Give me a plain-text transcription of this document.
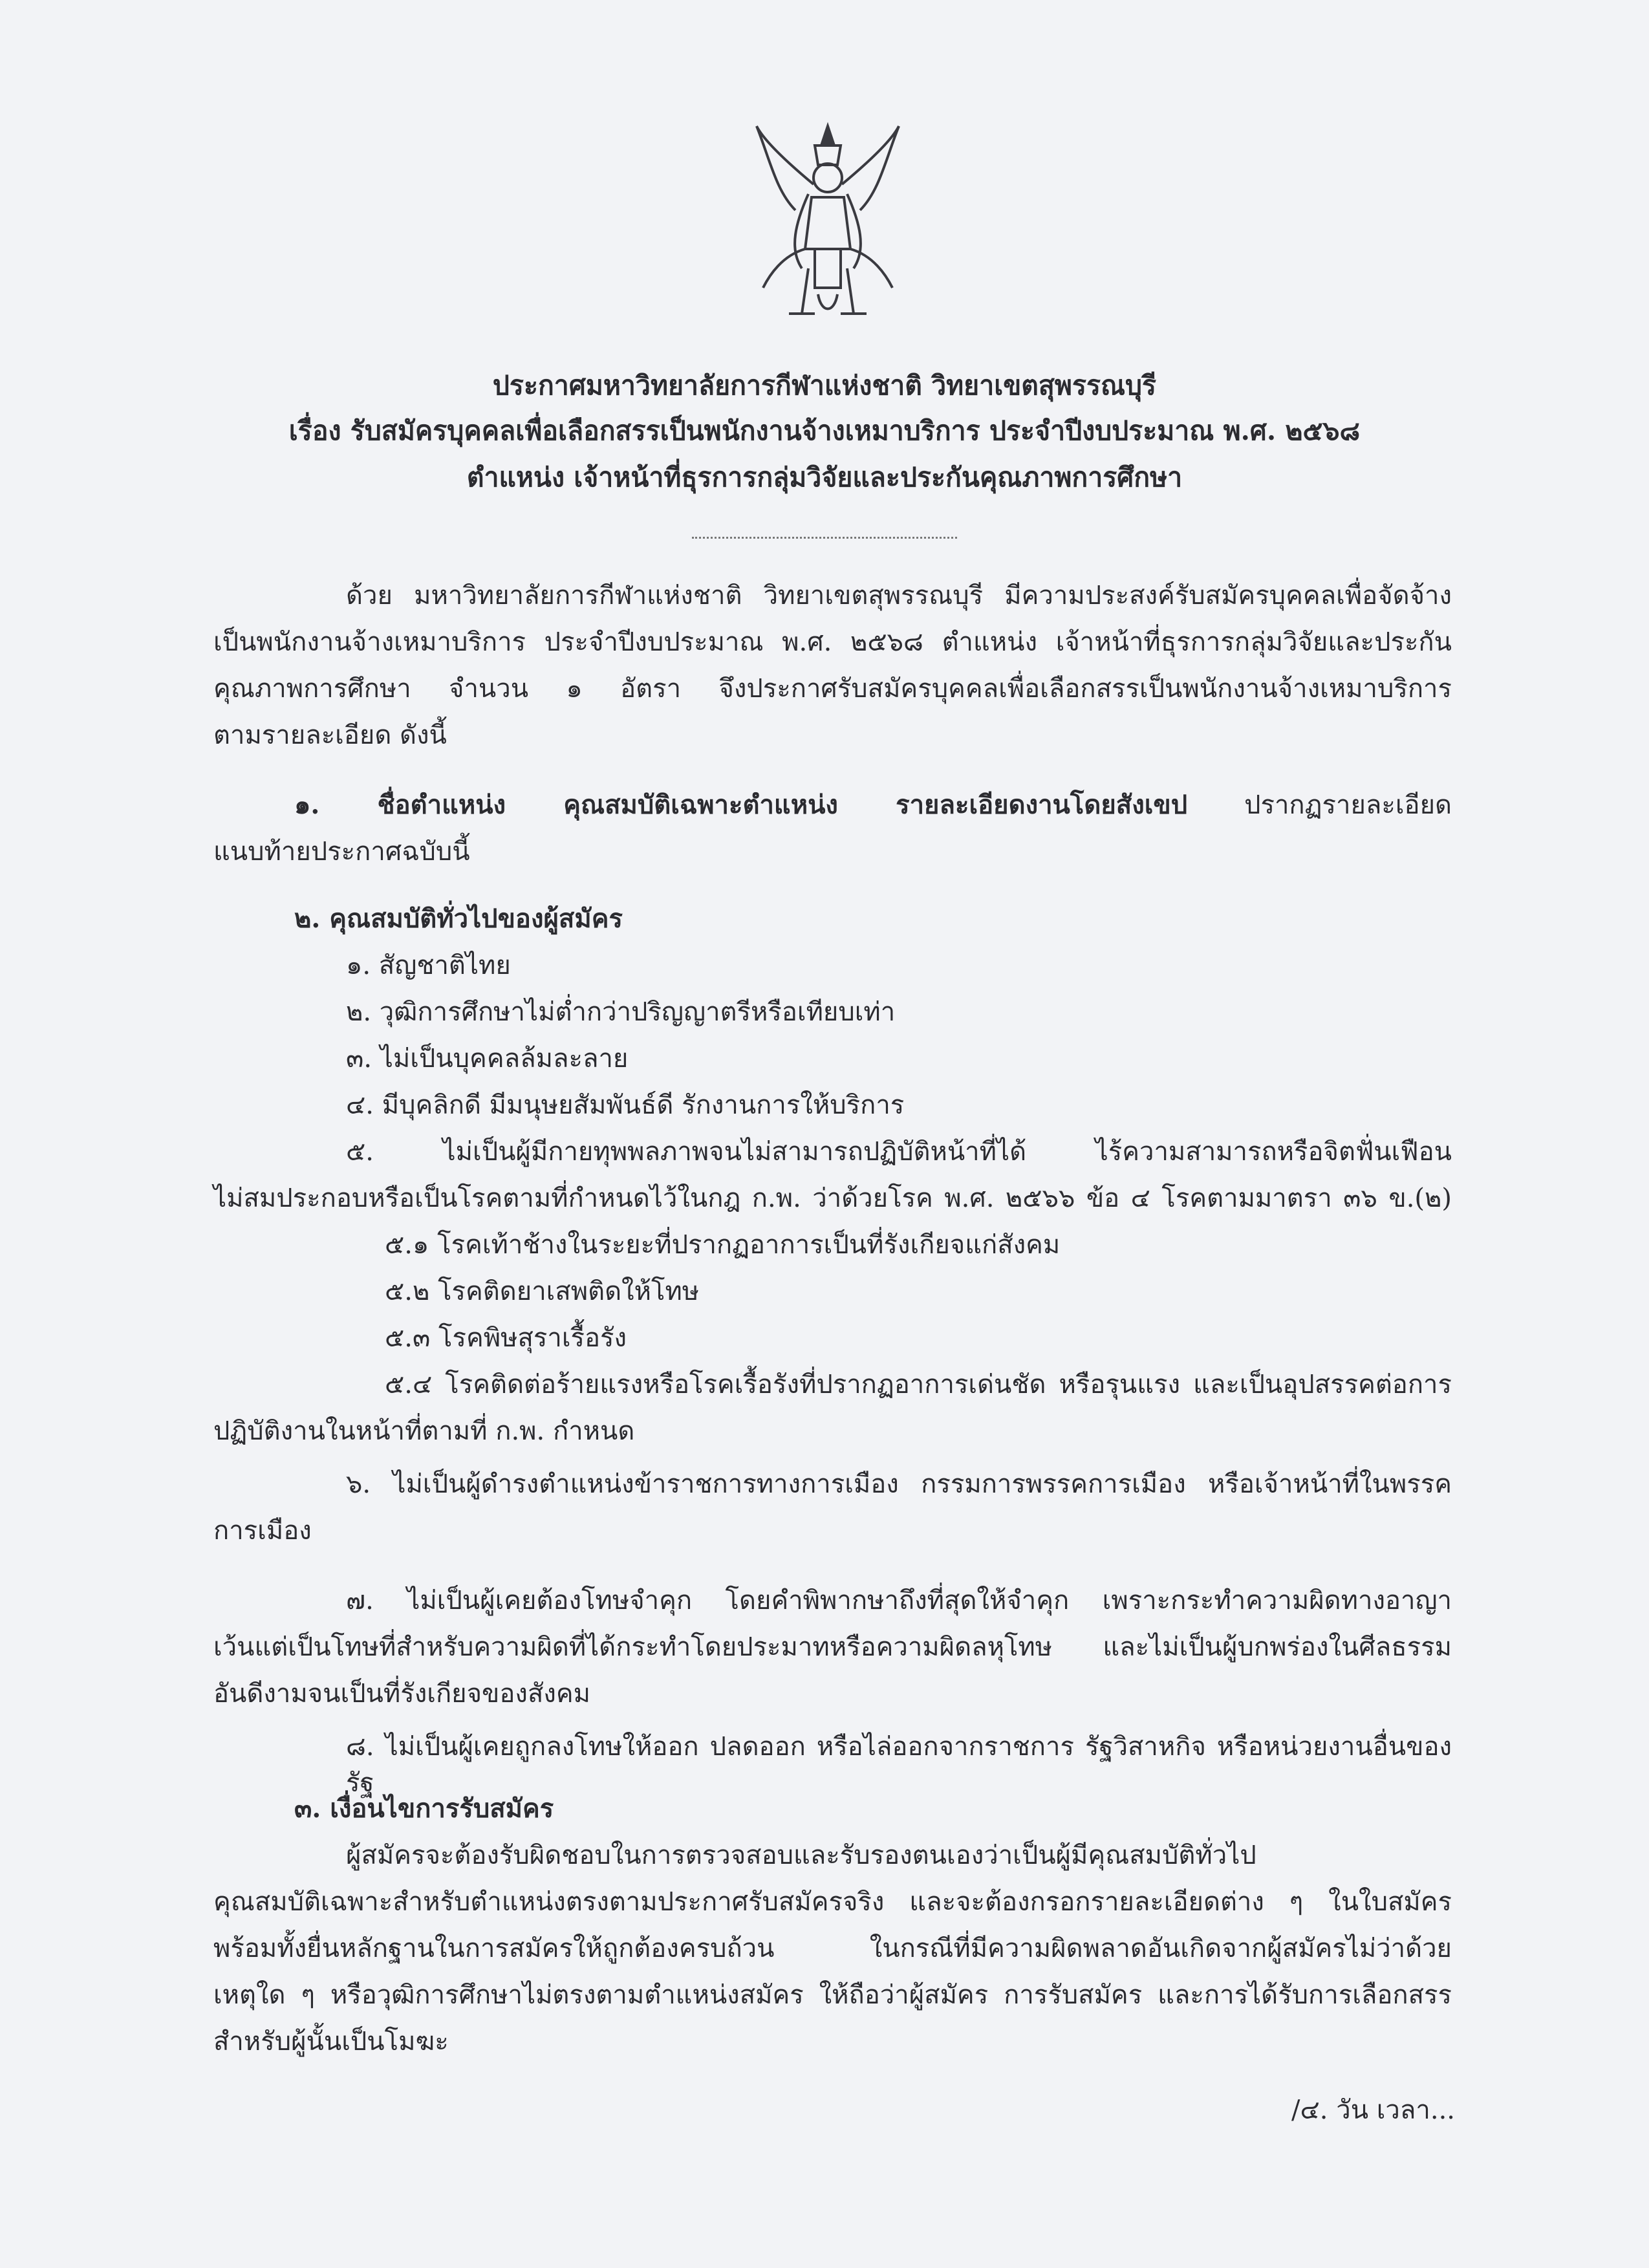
ประกาศมหาวิทยาลัยการกีฬาแห่งชาติ วิทยาเขตสุพรรณบุรี
เรื่อง รับสมัครบุคคลเพื่อเลือกสรรเป็นพนักงานจ้างเหมาบริการ ประจำปีงบประมาณ พ.ศ. ๒๕๖๘
ตำแหน่ง เจ้าหน้าที่ธุรการกลุ่มวิจัยและประกันคุณภาพการศึกษา
ด้วย มหาวิทยาลัยการกีฬาแห่งชาติ วิทยาเขตสุพรรณบุรี มีความประสงค์รับสมัครบุคคลเพื่อจัดจ้าง
เป็นพนักงานจ้างเหมาบริการ ประจำปีงบประมาณ พ.ศ. ๒๕๖๘ ตำแหน่ง เจ้าหน้าที่ธุรการกลุ่มวิจัยและประกัน
คุณภาพการศึกษา จำนวน ๑ อัตรา จึงประกาศรับสมัครบุคคลเพื่อเลือกสรรเป็นพนักงานจ้างเหมาบริการ
ตามรายละเอียด ดังนี้
๑. ชื่อตำแหน่ง คุณสมบัติเฉพาะตำแหน่ง รายละเอียดงานโดยสังเขป ปรากฏรายละเอียด
แนบท้ายประกาศฉบับนี้
๒. คุณสมบัติทั่วไปของผู้สมัคร
๑. สัญชาติไทย
๒. วุฒิการศึกษาไม่ต่ำกว่าปริญญาตรีหรือเทียบเท่า
๓. ไม่เป็นบุคคลล้มละลาย
๔. มีบุคลิกดี มีมนุษยสัมพันธ์ดี รักงานการให้บริการ
๕. ไม่เป็นผู้มีกายทุพพลภาพจนไม่สามารถปฏิบัติหน้าที่ได้ ไร้ความสามารถหรือจิตฟั่นเฟือน
ไม่สมประกอบหรือเป็นโรคตามที่กำหนดไว้ในกฎ ก.พ. ว่าด้วยโรค พ.ศ. ๒๕๖๖ ข้อ ๔ โรคตามมาตรา ๓๖ ข.(๒)
๕.๑ โรคเท้าช้างในระยะที่ปรากฏอาการเป็นที่รังเกียจแก่สังคม
๕.๒ โรคติดยาเสพติดให้โทษ
๕.๓ โรคพิษสุราเรื้อรัง
๕.๔ โรคติดต่อร้ายแรงหรือโรคเรื้อรังที่ปรากฏอาการเด่นชัด หรือรุนแรง และเป็นอุปสรรคต่อการ
ปฏิบัติงานในหน้าที่ตามที่ ก.พ. กำหนด
๖. ไม่เป็นผู้ดำรงตำแหน่งข้าราชการทางการเมือง กรรมการพรรคการเมือง หรือเจ้าหน้าที่ในพรรค
การเมือง
๗. ไม่เป็นผู้เคยต้องโทษจำคุก โดยคำพิพากษาถึงที่สุดให้จำคุก เพราะกระทำความผิดทางอาญา
เว้นแต่เป็นโทษที่สำหรับความผิดที่ได้กระทำโดยประมาทหรือความผิดลหุโทษ และไม่เป็นผู้บกพร่องในศีลธรรม
อันดีงามจนเป็นที่รังเกียจของสังคม
๘. ไม่เป็นผู้เคยถูกลงโทษให้ออก ปลดออก หรือไล่ออกจากราชการ รัฐวิสาหกิจ หรือหน่วยงานอื่นของรัฐ
๓. เงื่อนไขการรับสมัคร
ผู้สมัครจะต้องรับผิดชอบในการตรวจสอบและรับรองตนเองว่าเป็นผู้มีคุณสมบัติทั่วไป
คุณสมบัติเฉพาะสำหรับตำแหน่งตรงตามประกาศรับสมัครจริง และจะต้องกรอกรายละเอียดต่าง ๆ ในใบสมัคร
พร้อมทั้งยื่นหลักฐานในการสมัครให้ถูกต้องครบถ้วน ในกรณีที่มีความผิดพลาดอันเกิดจากผู้สมัครไม่ว่าด้วย
เหตุใด ๆ หรือวุฒิการศึกษาไม่ตรงตามตำแหน่งสมัคร ให้ถือว่าผู้สมัคร การรับสมัคร และการได้รับการเลือกสรร
สำหรับผู้นั้นเป็นโมฆะ
/๔. วัน เวลา...
